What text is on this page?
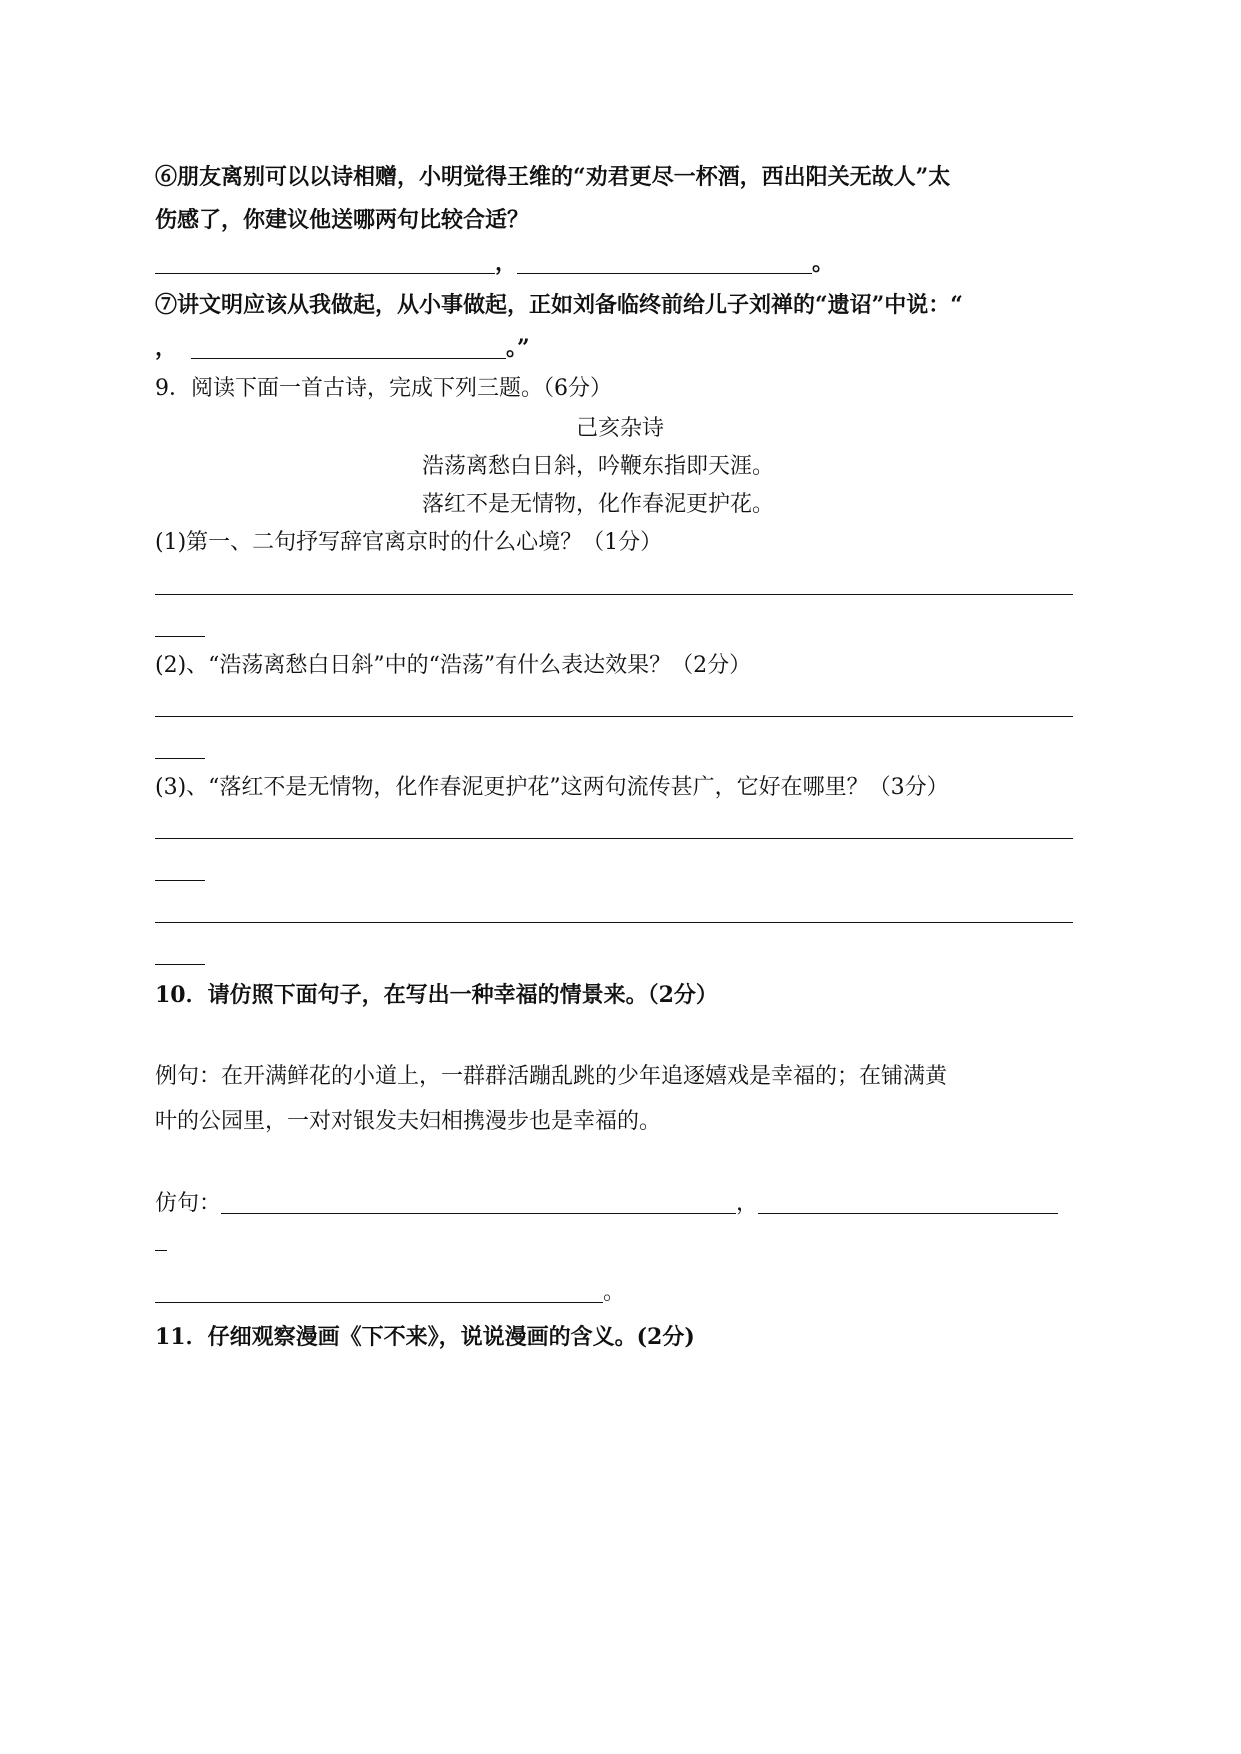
⑥朋友离别可以以诗相赠，小明觉得王维的“劝君更尽一杯酒，西出阳关无故人”太
伤感了，你建议他送哪两句比较合适？
，	。
⑦讲文明应该从我做起，从小事做起，正如刘备临终前给儿子刘禅的“遗诏”中说：“
，	。”
9．阅读下面一首古诗，完成下列三题。（6分）
己亥杂诗
浩荡离愁白日斜，吟鞭东指即天涯。
落红不是无情物，化作春泥更护花。
(1)第一、二句抒写辞官离京时的什么心境？（1分）
(2)、“浩荡离愁白日斜”中的“浩荡”有什么表达效果？（2分）
(3)、“落红不是无情物，化作春泥更护花”这两句流传甚广，它好在哪里？（3分）
10．请仿照下面句子，在写出一种幸福的情景来。（2分）
例句：在开满鲜花的小道上，一群群活蹦乱跳的少年追逐嬉戏是幸福的；在铺满黄
叶的公园里，一对对银发夫妇相携漫步也是幸福的。
仿句：	，
。
11．仔细观察漫画《下不来》，说说漫画的含义。(2分)
